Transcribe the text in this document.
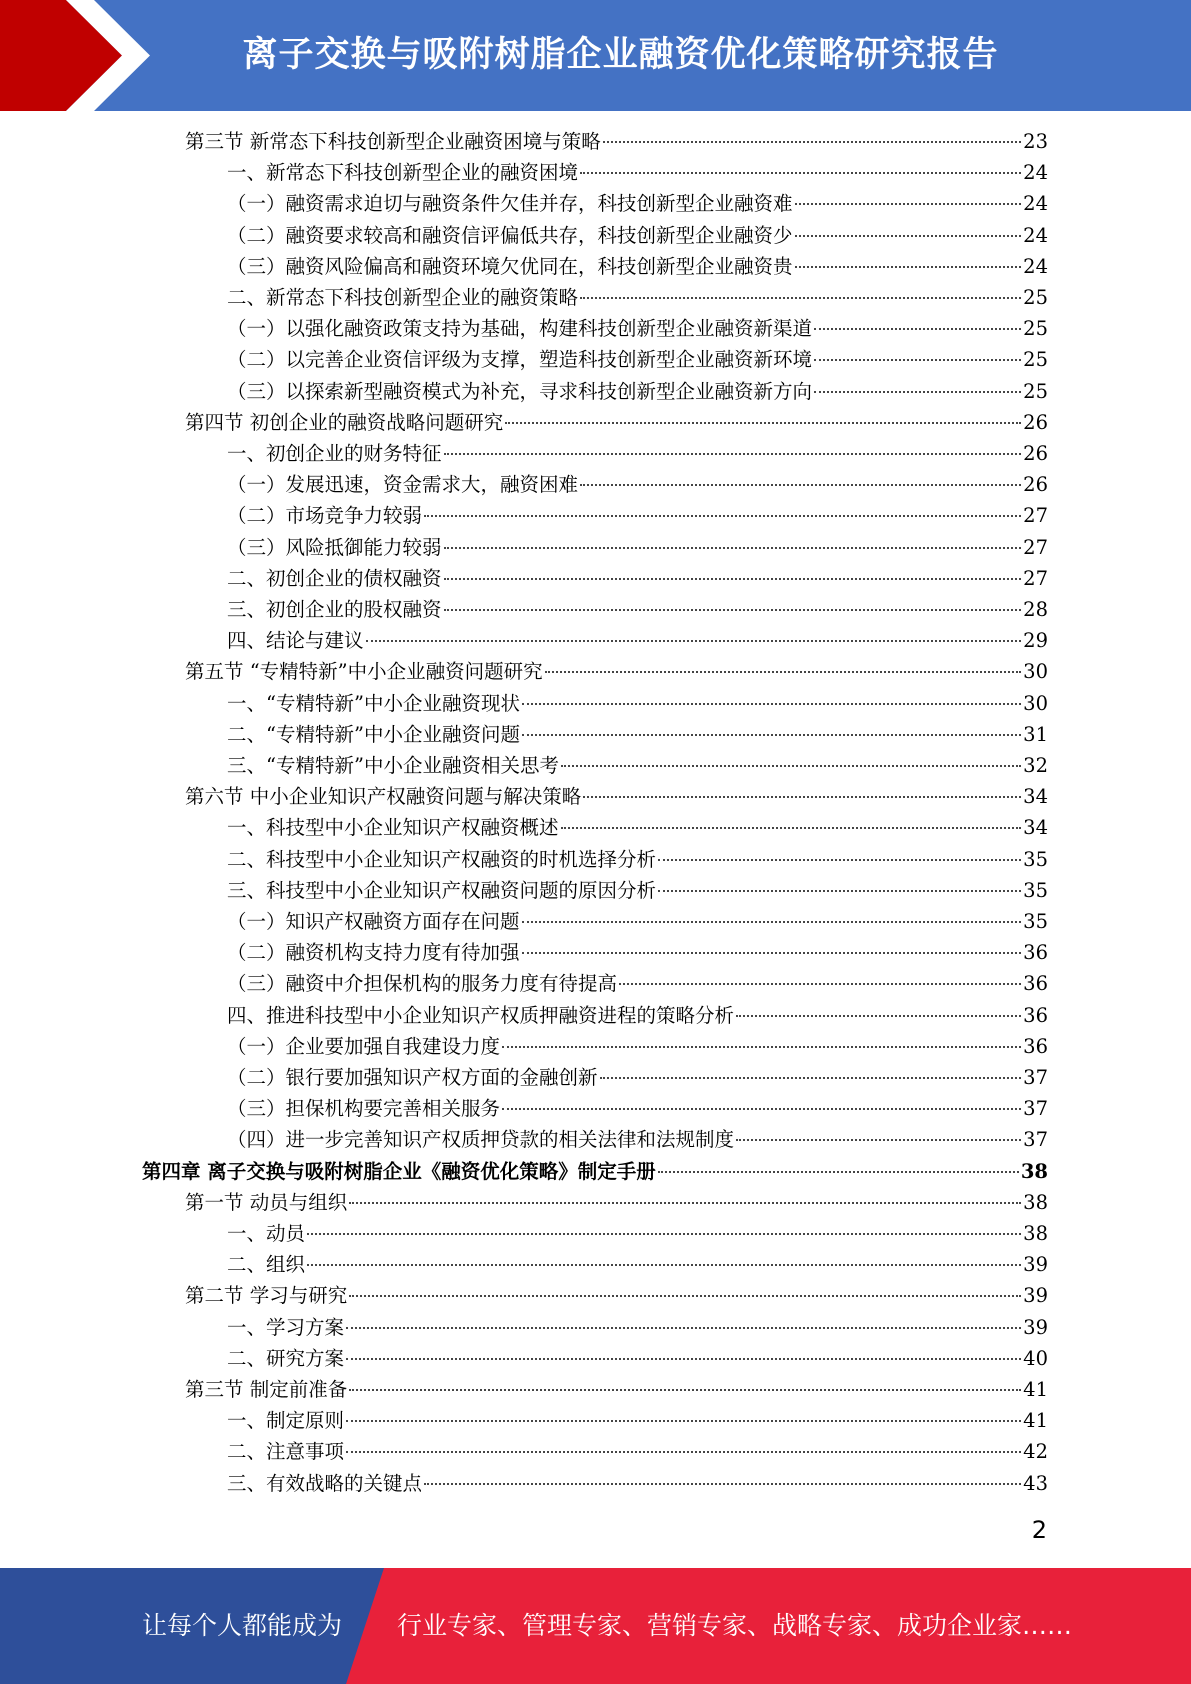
离子交换与吸附树脂企业融资优化策略研究报告
第三节 新常态下科技创新型企业融资困境与策略	23
一、新常态下科技创新型企业的融资困境	24
（一）融资需求迫切与融资条件欠佳并存，科技创新型企业融资难	24
（二）融资要求较高和融资信评偏低共存，科技创新型企业融资少	24
（三）融资风险偏高和融资环境欠优同在，科技创新型企业融资贵	24
二、新常态下科技创新型企业的融资策略	25
（一）以强化融资政策支持为基础，构建科技创新型企业融资新渠道	25
（二）以完善企业资信评级为支撑，塑造科技创新型企业融资新环境	25
（三）以探索新型融资模式为补充，寻求科技创新型企业融资新方向	25
第四节 初创企业的融资战略问题研究	26
一、初创企业的财务特征	26
（一）发展迅速，资金需求大，融资困难	26
（二）市场竞争力较弱	27
（三）风险抵御能力较弱	27
二、初创企业的债权融资	27
三、初创企业的股权融资	28
四、结论与建议	29
第五节 “专精特新”中小企业融资问题研究	30
一、“专精特新”中小企业融资现状	30
二、“专精特新”中小企业融资问题	31
三、“专精特新”中小企业融资相关思考	32
第六节 中小企业知识产权融资问题与解决策略	34
一、科技型中小企业知识产权融资概述	34
二、科技型中小企业知识产权融资的时机选择分析	35
三、科技型中小企业知识产权融资问题的原因分析	35
（一）知识产权融资方面存在问题	35
（二）融资机构支持力度有待加强	36
（三）融资中介担保机构的服务力度有待提高	36
四、推进科技型中小企业知识产权质押融资进程的策略分析	36
（一）企业要加强自我建设力度	36
（二）银行要加强知识产权方面的金融创新	37
（三）担保机构要完善相关服务	37
（四）进一步完善知识产权质押贷款的相关法律和法规制度	37
第四章 离子交换与吸附树脂企业《融资优化策略》制定手册	38
第一节 动员与组织	38
一、动员	38
二、组织	39
第二节 学习与研究	39
一、学习方案	39
二、研究方案	40
第三节 制定前准备	41
一、制定原则	41
二、注意事项	42
三、有效战略的关键点	43
2
让每个人都能成为 行业专家、管理专家、营销专家、战略专家、成功企业家……
